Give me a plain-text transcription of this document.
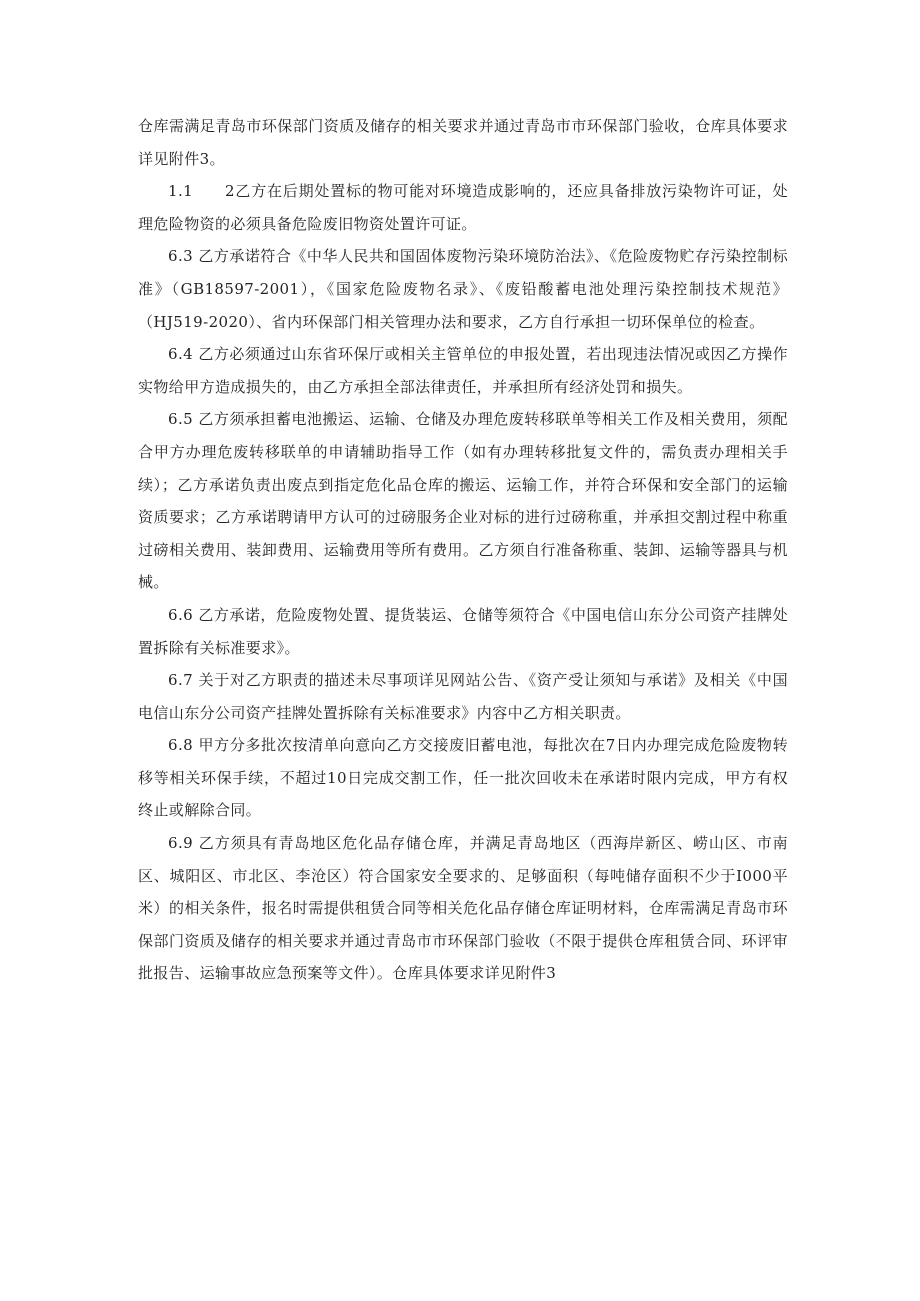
仓库需满足青岛市环保部门资质及储存的相关要求并通过青岛市市环保部门验收，仓库具体要求详见附件3。

1.1　　2乙方在后期处置标的物可能对环境造成影响的，还应具备排放污染物许可证，处理危险物资的必须具备危险废旧物资处置许可证。

6.3 乙方承诺符合《中华人民共和国固体废物污染环境防治法》、《危险废物贮存污染控制标准》（GB18597-2001），《国家危险废物名录》、《废铅酸蓄电池处理污染控制技术规范》（HJ519-2020）、省内环保部门相关管理办法和要求，乙方自行承担一切环保单位的检查。

6.4 乙方必须通过山东省环保厅或相关主管单位的申报处置，若出现违法情况或因乙方操作实物给甲方造成损失的，由乙方承担全部法律责任，并承担所有经济处罚和损失。

6.5 乙方须承担蓄电池搬运、运输、仓储及办理危废转移联单等相关工作及相关费用，须配合甲方办理危废转移联单的申请辅助指导工作（如有办理转移批复文件的，需负责办理相关手续）；乙方承诺负责出废点到指定危化品仓库的搬运、运输工作，并符合环保和安全部门的运输资质要求；乙方承诺聘请甲方认可的过磅服务企业对标的进行过磅称重，并承担交割过程中称重过磅相关费用、装卸费用、运输费用等所有费用。乙方须自行准备称重、装卸、运输等器具与机械。

6.6 乙方承诺，危险废物处置、提货装运、仓储等须符合《中国电信山东分公司资产挂牌处置拆除有关标准要求》。

6.7 关于对乙方职责的描述未尽事项详见网站公告、《资产受让须知与承诺》及相关《中国电信山东分公司资产挂牌处置拆除有关标准要求》内容中乙方相关职责。

6.8 甲方分多批次按清单向意向乙方交接废旧蓄电池，每批次在7日内办理完成危险废物转移等相关环保手续，不超过10日完成交割工作，任一批次回收未在承诺时限内完成，甲方有权终止或解除合同。

6.9 乙方须具有青岛地区危化品存储仓库，并满足青岛地区（西海岸新区、崂山区、市南区、城阳区、市北区、李沧区）符合国家安全要求的、足够面积（每吨储存面积不少于I000平米）的相关条件，报名时需提供租赁合同等相关危化品存储仓库证明材料，仓库需满足青岛市环保部门资质及储存的相关要求并通过青岛市市环保部门验收（不限于提供仓库租赁合同、环评审批报告、运输事故应急预案等文件）。仓库具体要求详见附件3
